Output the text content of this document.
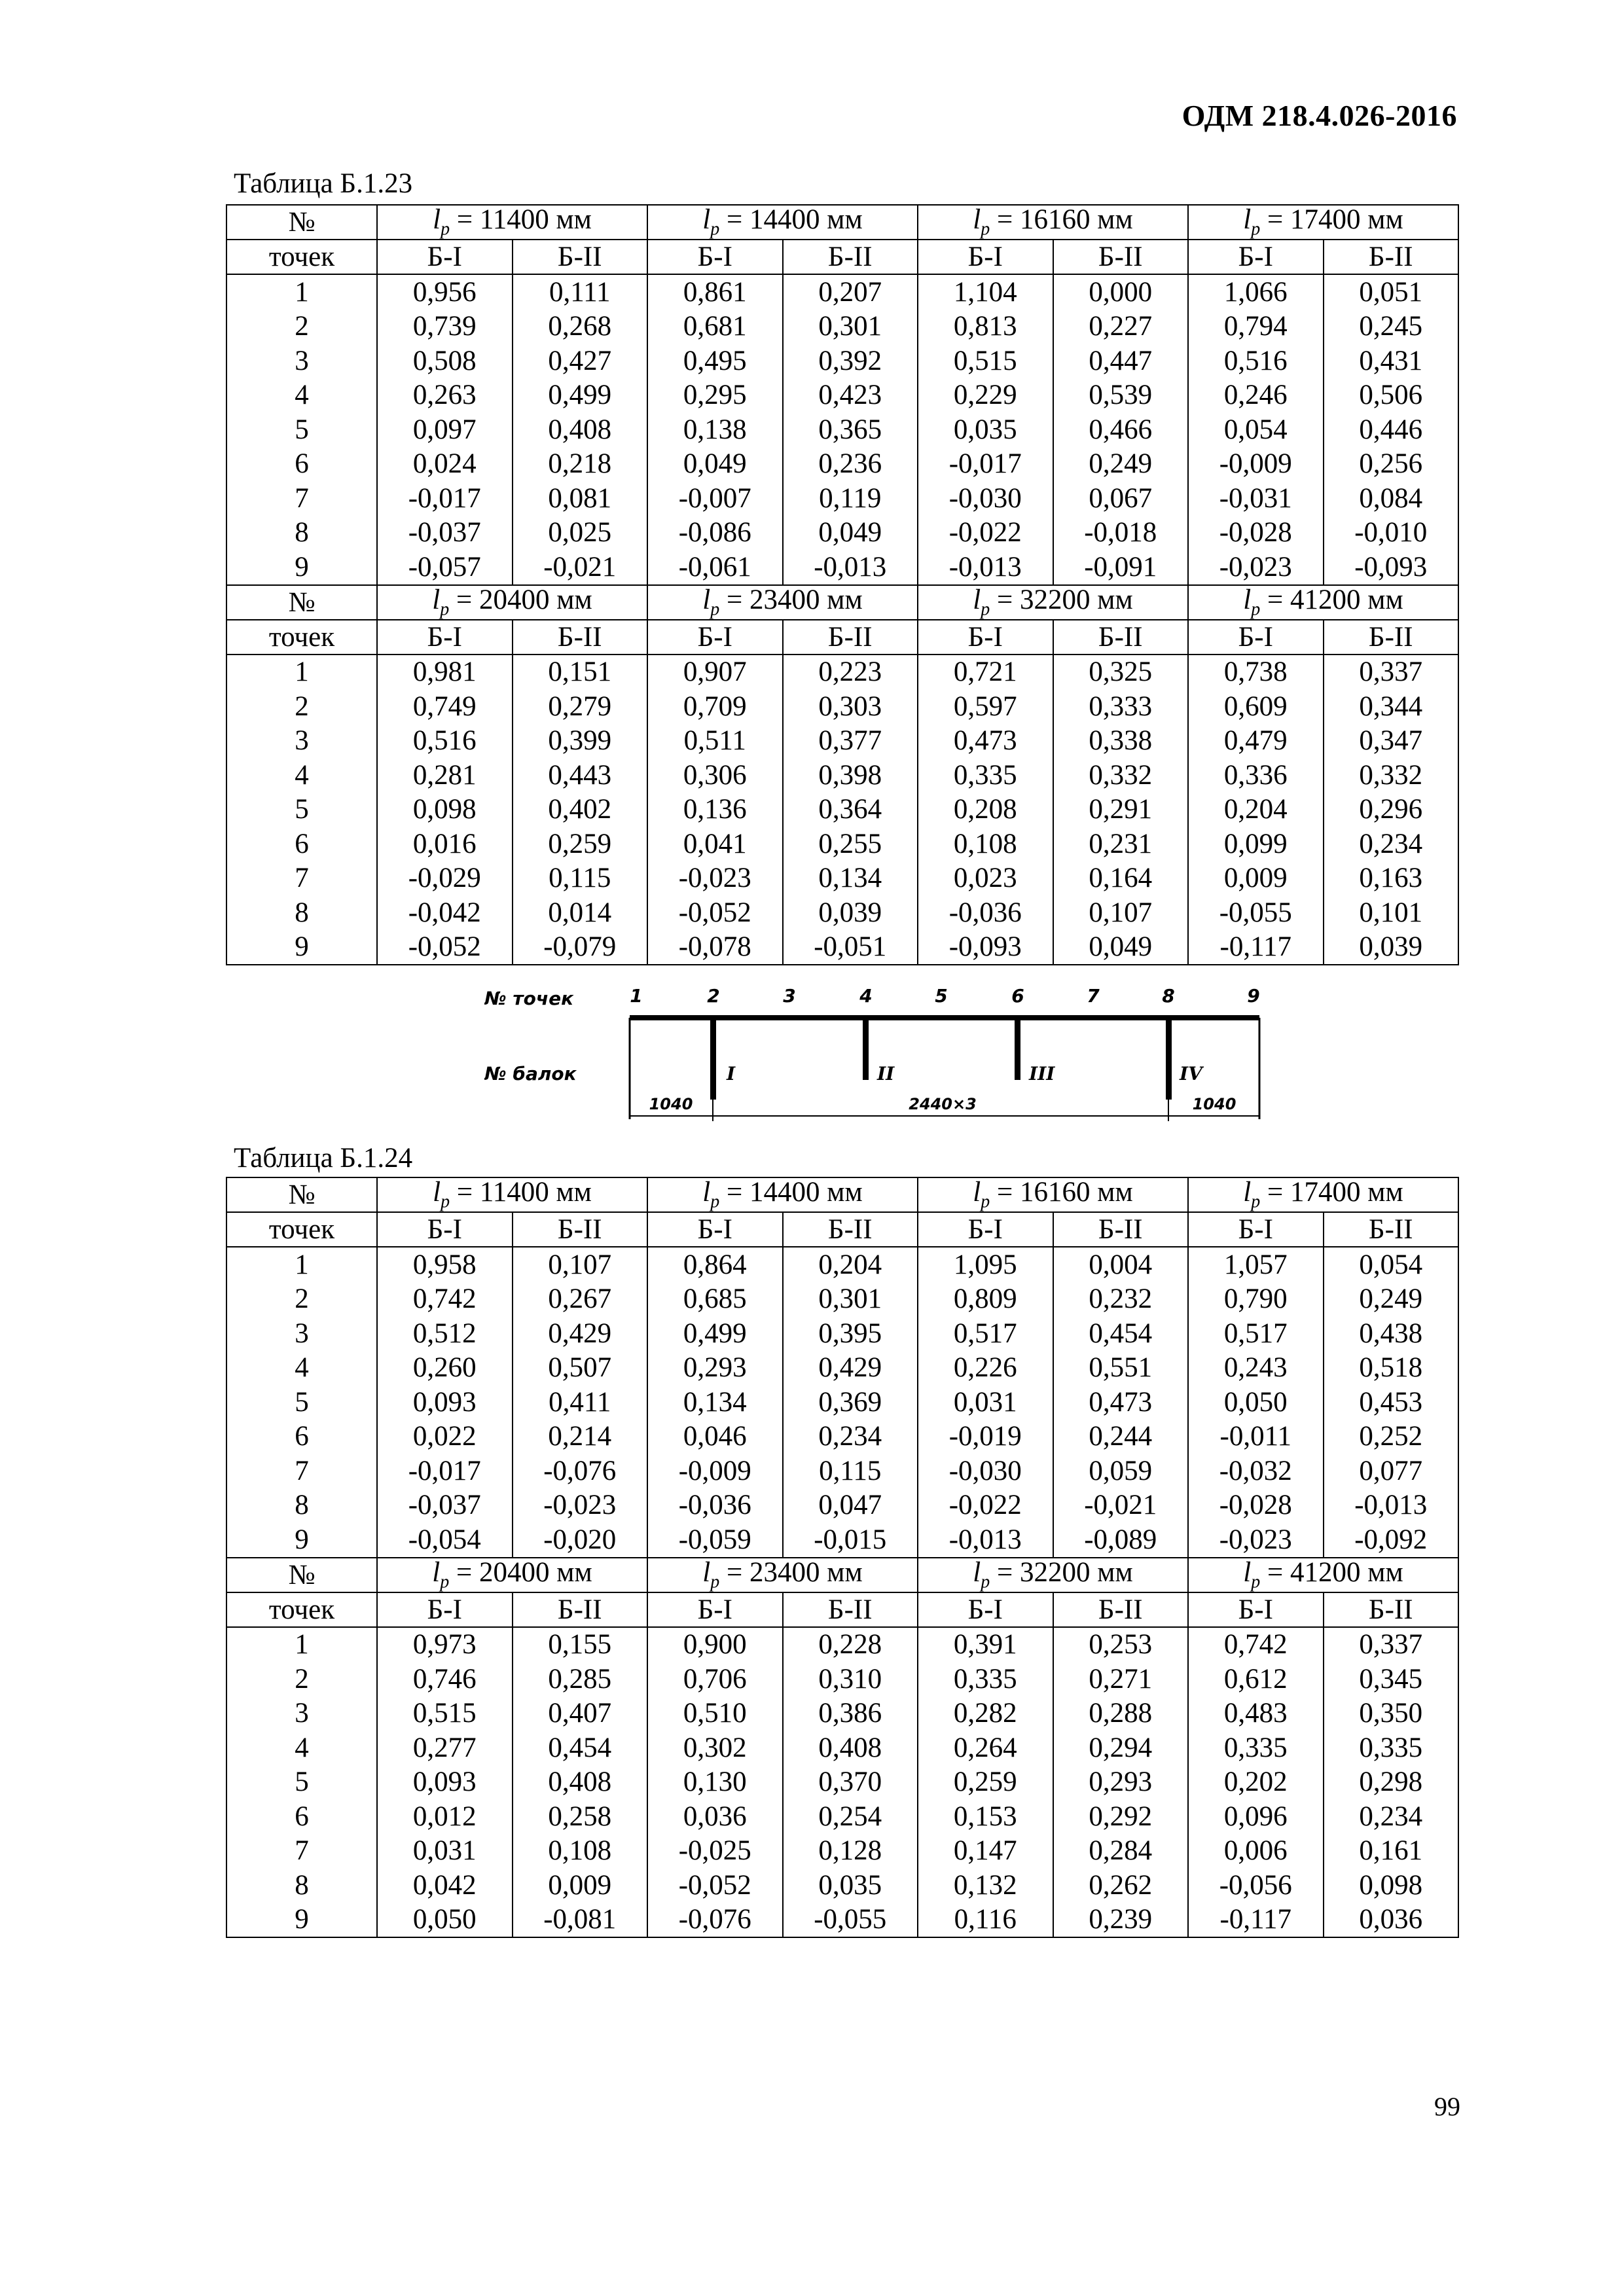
ОДМ 218.4.026-2016
Таблица Б.1.23
№	$l_p = 11400$ мм		$l_p = 14400$ мм		$l_p = 16160$ мм		$l_p = 17400$ мм	
точек	Б-I	Б-II	Б-I	Б-II	Б-I	Б-II	Б-I	Б-II
1	0,956	0,111	0,861	0,207	1,104	0,000	1,066	0,051
2	0,739	0,268	0,681	0,301	0,813	0,227	0,794	0,245
3	0,508	0,427	0,495	0,392	0,515	0,447	0,516	0,431
4	0,263	0,499	0,295	0,423	0,229	0,539	0,246	0,506
5	0,097	0,408	0,138	0,365	0,035	0,466	0,054	0,446
6	0,024	0,218	0,049	0,236	-0,017	0,249	-0,009	0,256
7	-0,017	0,081	-0,007	0,119	-0,030	0,067	-0,031	0,084
8	-0,037	0,025	-0,086	0,049	-0,022	-0,018	-0,028	-0,010
9	-0,057	-0,021	-0,061	-0,013	-0,013	-0,091	-0,023	-0,093
№	$l_p = 20400$ мм		$l_p = 23400$ мм		$l_p = 32200$ мм		$l_p = 41200$ мм	
точек	Б-I	Б-II	Б-I	Б-II	Б-I	Б-II	Б-I	Б-II
1	0,981	0,151	0,907	0,223	0,721	0,325	0,738	0,337
2	0,749	0,279	0,709	0,303	0,597	0,333	0,609	0,344
3	0,516	0,399	0,511	0,377	0,473	0,338	0,479	0,347
4	0,281	0,443	0,306	0,398	0,335	0,332	0,336	0,332
5	0,098	0,402	0,136	0,364	0,208	0,291	0,204	0,296
6	0,016	0,259	0,041	0,255	0,108	0,231	0,099	0,234
7	-0,029	0,115	-0,023	0,134	0,023	0,164	0,009	0,163
8	-0,042	0,014	-0,052	0,039	-0,036	0,107	-0,055	0,101
9	-0,052	-0,079	-0,078	-0,051	-0,093	0,049	-0,117	0,039
№ точек
№ балок
1	2	3	4	5	6	7	8	9
I	II	III	IV
1040	2440×3	1040
Таблица Б.1.24
№	$l_p = 11400$ мм		$l_p = 14400$ мм		$l_p = 16160$ мм		$l_p = 17400$ мм	
точек	Б-I	Б-II	Б-I	Б-II	Б-I	Б-II	Б-I	Б-II
1	0,958	0,107	0,864	0,204	1,095	0,004	1,057	0,054
2	0,742	0,267	0,685	0,301	0,809	0,232	0,790	0,249
3	0,512	0,429	0,499	0,395	0,517	0,454	0,517	0,438
4	0,260	0,507	0,293	0,429	0,226	0,551	0,243	0,518
5	0,093	0,411	0,134	0,369	0,031	0,473	0,050	0,453
6	0,022	0,214	0,046	0,234	-0,019	0,244	-0,011	0,252
7	-0,017	-0,076	-0,009	0,115	-0,030	0,059	-0,032	0,077
8	-0,037	-0,023	-0,036	0,047	-0,022	-0,021	-0,028	-0,013
9	-0,054	-0,020	-0,059	-0,015	-0,013	-0,089	-0,023	-0,092
№	$l_p = 20400$ мм		$l_p = 23400$ мм		$l_p = 32200$ мм		$l_p = 41200$ мм	
точек	Б-I	Б-II	Б-I	Б-II	Б-I	Б-II	Б-I	Б-II
1	0,973	0,155	0,900	0,228	0,391	0,253	0,742	0,337
2	0,746	0,285	0,706	0,310	0,335	0,271	0,612	0,345
3	0,515	0,407	0,510	0,386	0,282	0,288	0,483	0,350
4	0,277	0,454	0,302	0,408	0,264	0,294	0,335	0,335
5	0,093	0,408	0,130	0,370	0,259	0,293	0,202	0,298
6	0,012	0,258	0,036	0,254	0,153	0,292	0,096	0,234
7	0,031	0,108	-0,025	0,128	0,147	0,284	0,006	0,161
8	0,042	0,009	-0,052	0,035	0,132	0,262	-0,056	0,098
9	0,050	-0,081	-0,076	-0,055	0,116	0,239	-0,117	0,036
99
